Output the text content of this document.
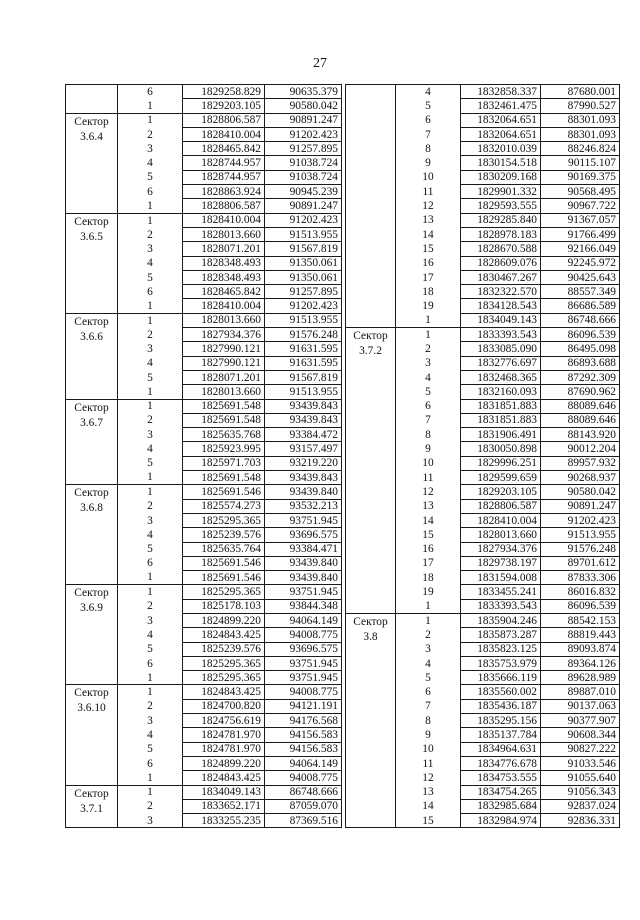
27
	6	1829258.829	90635.379
	1	1829203.105	90580.042

Сектор
3.6.4	1	1828806.587	90891.247
	2	1828410.004	91202.423
	3	1828465.842	91257.895
	4	1828744.957	91038.724
	5	1828744.957	91038.724
	6	1828863.924	90945.239
	1	1828806.587	90891.247

Сектор
3.6.5	1	1828410.004	91202.423
	2	1828013.660	91513.955
	3	1828071.201	91567.819
	4	1828348.493	91350.061
	5	1828348.493	91350.061
	6	1828465.842	91257.895
	1	1828410.004	91202.423

Сектор
3.6.6	1	1828013.660	91513.955
	2	1827934.376	91576.248
	3	1827990.121	91631.595
	4	1827990.121	91631.595
	5	1828071.201	91567.819
	1	1828013.660	91513.955

Сектор
3.6.7	1	1825691.548	93439.843
	2	1825691.548	93439.843
	3	1825635.768	93384.472
	4	1825923.995	93157.497
	5	1825971.703	93219.220
	1	1825691.548	93439.843

Сектор
3.6.8	1	1825691.546	93439.840
	2	1825574.273	93532.213
	3	1825295.365	93751.945
	4	1825239.576	93696.575
	5	1825635.764	93384.471
	6	1825691.546	93439.840
	1	1825691.546	93439.840

Сектор
3.6.9	1	1825295.365	93751.945
	2	1825178.103	93844.348
	3	1824899.220	94064.149
	4	1824843.425	94008.775
	5	1825239.576	93696.575
	6	1825295.365	93751.945
	1	1825295.365	93751.945

Сектор
3.6.10	1	1824843.425	94008.775
	2	1824700.820	94121.191
	3	1824756.619	94176.568
	4	1824781.970	94156.583
	5	1824781.970	94156.583
	6	1824899.220	94064.149
	1	1824843.425	94008.775

Сектор
3.7.1	1	1834049.143	86748.666
	2	1833652.171	87059.070
	3	1833255.235	87369.516
	4	1832858.337	87680.001
	5	1832461.475	87990.527
	6	1832064.651	88301.093
	7	1832064.651	88301.093
	8	1832010.039	88246.824
	9	1830154.518	90115.107
	10	1830209.168	90169.375
	11	1829901.332	90568.495
	12	1829593.555	90967.722
	13	1829285.840	91367.057
	14	1828978.183	91766.499
	15	1828670.588	92166.049
	16	1828609.076	92245.972
	17	1830467.267	90425.643
	18	1832322.570	88557.349
	19	1834128.543	86686.589
	1	1834049.143	86748.666

Сектор
3.7.2	1	1833393.543	86096.539
	2	1833085.090	86495.098
	3	1832776.697	86893.688
	4	1832468.365	87292.309
	5	1832160.093	87690.962
	6	1831851.883	88089.646
	7	1831851.883	88089.646
	8	1831906.491	88143.920
	9	1830050.898	90012.204
	10	1829996.251	89957.932
	11	1829599.659	90268.937
	12	1829203.105	90580.042
	13	1828806.587	90891.247
	14	1828410.004	91202.423
	15	1828013.660	91513.955
	16	1827934.376	91576.248
	17	1829738.197	89701.612
	18	1831594.008	87833.306
	19	1833455.241	86016.832
	1	1833393.543	86096.539

Сектор
3.8	1	1835904.246	88542.153
	2	1835873.287	88819.443
	3	1835823.125	89093.874
	4	1835753.979	89364.126
	5	1835666.119	89628.989
	6	1835560.002	89887.010
	7	1835436.187	90137.063
	8	1835295.156	90377.907
	9	1835137.784	90608.344
	10	1834964.631	90827.222
	11	1834776.678	91033.546
	12	1834753.555	91055.640
	13	1834754.265	91056.343
	14	1832985.684	92837.024
	15	1832984.974	92836.331
